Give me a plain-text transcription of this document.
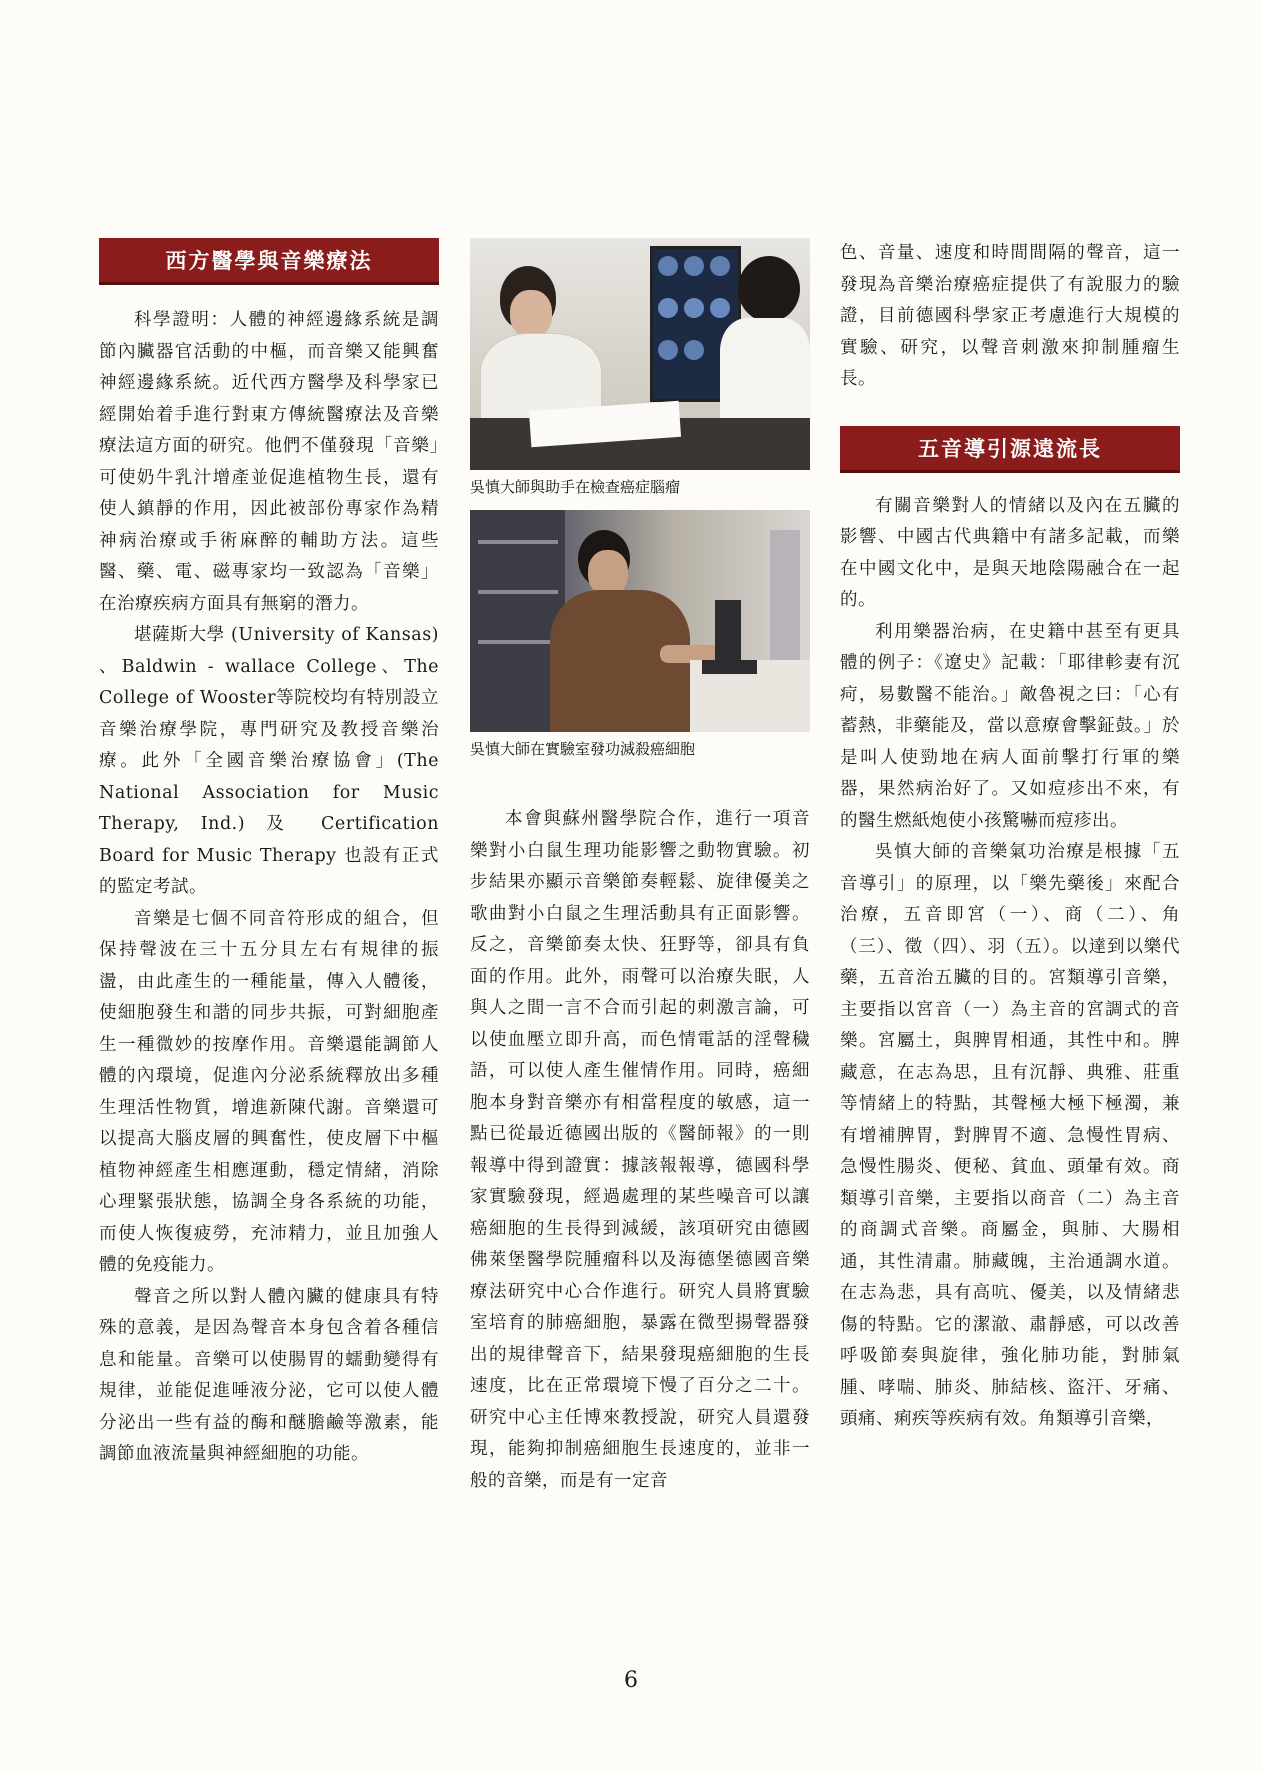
西方醫學與音樂療法

科學證明：人體的神經邊緣系統是調節內臟器官活動的中樞，而音樂又能興奮神經邊緣系統。近代西方醫學及科學家已經開始着手進行對東方傳統醫療法及音樂療法這方面的研究。他們不僅發現「音樂」可使奶牛乳汁增產並促進植物生長，還有使人鎮靜的作用，因此被部份專家作為精神病治療或手術麻醉的輔助方法。這些醫、藥、電、磁專家均一致認為「音樂」在治療疾病方面具有無窮的潛力。

堪薩斯大學 (University of Kansas) 、Baldwin - wallace College、The College of Wooster等院校均有特別設立音樂治療學院，專門研究及教授音樂治療。此外「全國音樂治療協會」(The National Association for Music Therapy, Ind.) 及 Certification Board for Music Therapy 也設有正式的監定考試。

音樂是七個不同音符形成的組合，但保持聲波在三十五分貝左右有規律的振盪，由此產生的一種能量，傳入人體後，使細胞發生和諧的同步共振，可對細胞產生一種微妙的按摩作用。音樂還能調節人體的內環境，促進內分泌系統釋放出多種生理活性物質，增進新陳代謝。音樂還可以提高大腦皮層的興奮性，使皮層下中樞植物神經產生相應運動，穩定情緒，消除心理緊張狀態，協調全身各系統的功能，而使人恢復疲勞，充沛精力，並且加強人體的免疫能力。

聲音之所以對人體內臟的健康具有特殊的意義，是因為聲音本身包含着各種信息和能量。音樂可以使腸胃的蠕動變得有規律，並能促進唾液分泌，它可以使人體分泌出一些有益的酶和醚膽鹼等激素，能調節血液流量與神經細胞的功能。

吳慎大師與助手在檢查癌症腦瘤
吳慎大師在實驗室發功滅殺癌細胞

本會與蘇州醫學院合作，進行一項音樂對小白鼠生理功能影響之動物實驗。初步結果亦顯示音樂節奏輕鬆、旋律優美之歌曲對小白鼠之生理活動具有正面影響。反之，音樂節奏太快、狂野等，卻具有負面的作用。此外，雨聲可以治療失眠，人與人之間一言不合而引起的刺激言論，可以使血壓立即升高，而色情電話的淫聲穢語，可以使人產生催情作用。同時，癌細胞本身對音樂亦有相當程度的敏感，這一點已從最近德國出版的《醫師報》的一則報導中得到證實：據該報報導，德國科學家實驗發現，經過處理的某些噪音可以讓癌細胞的生長得到減緩，該項研究由德國佛萊堡醫學院腫瘤科以及海德堡德國音樂療法研究中心合作進行。研究人員將實驗室培育的肺癌細胞，暴露在微型揚聲器發出的規律聲音下，結果發現癌細胞的生長速度，比在正常環境下慢了百分之二十。研究中心主任博來教授說，研究人員還發現，能夠抑制癌細胞生長速度的，並非一般的音樂，而是有一定音

色、音量、速度和時間間隔的聲音，這一發現為音樂治療癌症提供了有說服力的驗證，目前德國科學家正考慮進行大規模的實驗、研究，以聲音刺激來抑制腫瘤生長。

五音導引源遠流長

有關音樂對人的情緒以及內在五臟的影響、中國古代典籍中有諸多記載，而樂在中國文化中，是與天地陰陽融合在一起的。

利用樂器治病，在史籍中甚至有更具體的例子：《遼史》記載：「耶律軫妻有沉疴，易數醫不能治。」敵魯視之曰：「心有蓄熱，非藥能及，當以意療會擊鉦鼓。」於是叫人使勁地在病人面前擊打行軍的樂器，果然病治好了。又如痘疹出不來，有的醫生燃紙炮使小孩驚嚇而痘疹出。

吳慎大師的音樂氣功治療是根據「五音導引」的原理，以「樂先藥後」來配合治療，五音即宮（一）、商（二）、角（三）、徵（四）、羽（五）。以達到以樂代藥，五音治五臟的目的。宮類導引音樂，主要指以宮音（一）為主音的宮調式的音樂。宮屬土，與脾胃相通，其性中和。脾藏意，在志為思，且有沉靜、典雅、莊重等情緒上的特點，其聲極大極下極濁，兼有增補脾胃，對脾胃不適、急慢性胃病、急慢性腸炎、便秘、貧血、頭暈有效。商類導引音樂，主要指以商音（二）為主音的商調式音樂。商屬金，與肺、大腸相通，其性清肅。肺藏魄，主治通調水道。在志為悲，具有高吭、優美，以及情緒悲傷的特點。它的潔澈、肅靜感，可以改善呼吸節奏與旋律，強化肺功能，對肺氣腫、哮喘、肺炎、肺結核、盜汗、牙痛、頭痛、痢疾等疾病有效。角類導引音樂，

6
